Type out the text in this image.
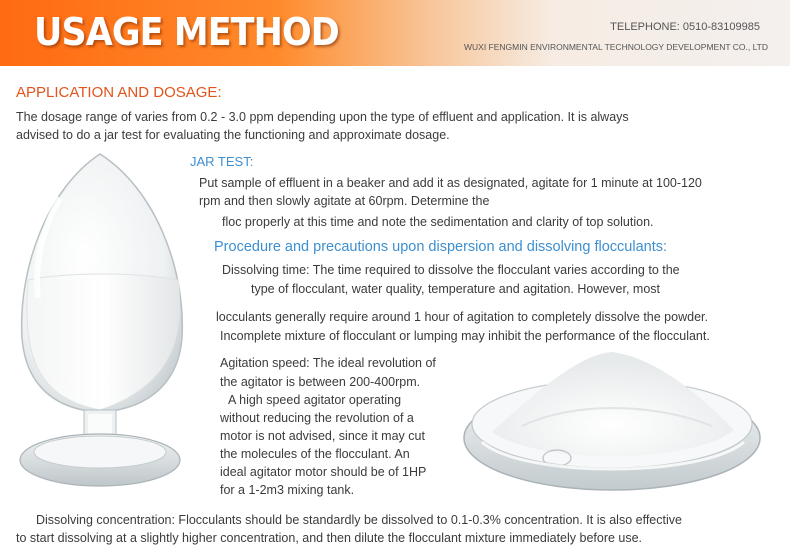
USAGE METHOD	TELEPHONE: 0510-83109985
WUXI FENGMIN ENVIRONMENTAL TECHNOLOGY DEVELOPMENT CO., LTD
APPLICATION AND DOSAGE:

The dosage range of varies from 0.2 - 3.0 ppm depending upon the type of effluent and application. It is always

advised to do a jar test for evaluating the functioning and approximate dosage.

JAR TEST:

Put sample of effluent in a beaker and add it as designated, agitate for 1 minute at 100-120

rpm and then slowly agitate at 60rpm. Determine the

floc properly at this time and note the sedimentation and clarity of top solution.

Procedure and precautions upon dispersion and dissolving flocculants:

Dissolving time: The time required to dissolve the flocculant varies according to the

type of flocculant, water quality, temperature and agitation. However, most

locculants generally require around 1 hour of agitation to completely dissolve the powder.

Incomplete mixture of flocculant or lumping may inhibit the performance of the flocculant.

Agitation speed: The ideal revolution of

the agitator is between 200-400rpm.

A high speed agitator operating

without reducing the revolution of a

motor is not advised, since it may cut

the molecules of the flocculant. An

ideal agitator motor should be of 1HP

for a 1-2m3 mixing tank.

Dissolving concentration: Flocculants should be standardly be dissolved to 0.1-0.3% concentration. It is also effective

to start dissolving at a slightly higher concentration, and then dilute the flocculant mixture immediately before use.
